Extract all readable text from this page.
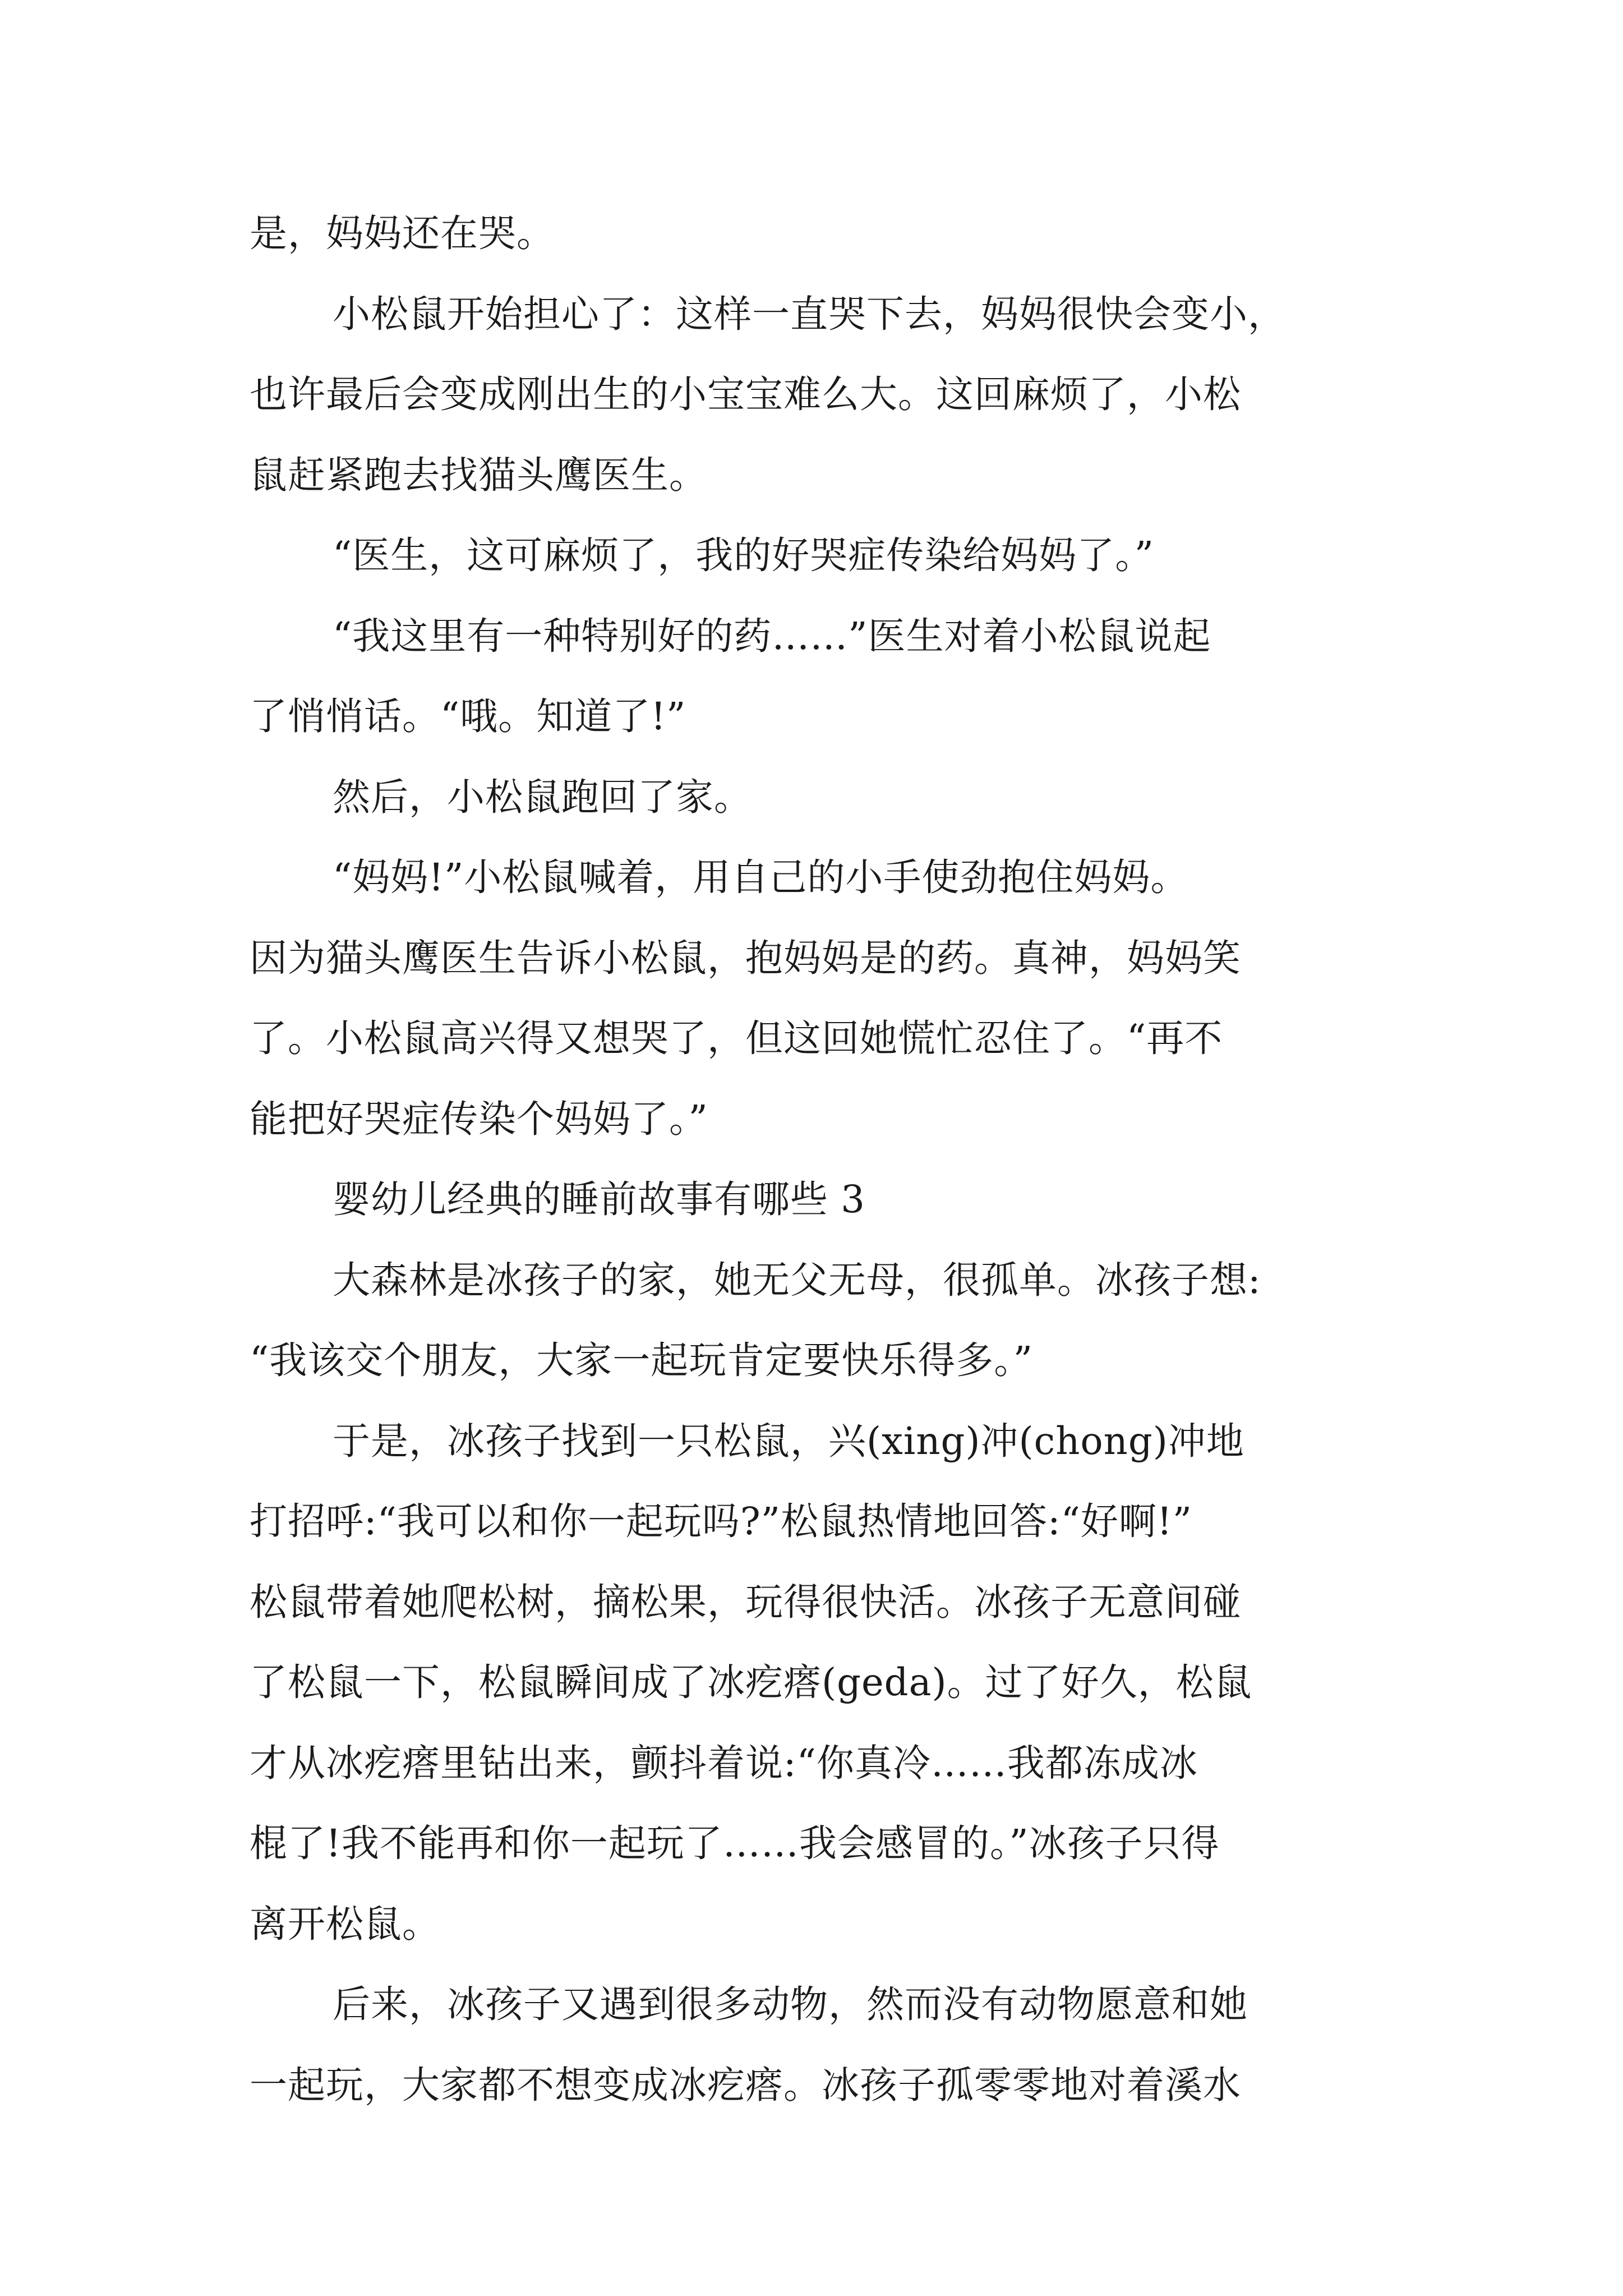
是，妈妈还在哭。
小松鼠开始担心了：这样一直哭下去，妈妈很快会变小，
也许最后会变成刚出生的小宝宝难么大。这回麻烦了，小松
鼠赶紧跑去找猫头鹰医生。
“医生，这可麻烦了，我的好哭症传染给妈妈了。”
“我这里有一种特别好的药……”医生对着小松鼠说起
了悄悄话。“哦。知道了!”
然后，小松鼠跑回了家。
“妈妈!”小松鼠喊着，用自己的小手使劲抱住妈妈。
因为猫头鹰医生告诉小松鼠，抱妈妈是的药。真神，妈妈笑
了。小松鼠高兴得又想哭了，但这回她慌忙忍住了。“再不
能把好哭症传染个妈妈了。”
婴幼儿经典的睡前故事有哪些 3
大森林是冰孩子的家，她无父无母，很孤单。冰孩子想:
“我该交个朋友，大家一起玩肯定要快乐得多。”
于是，冰孩子找到一只松鼠，兴(xing)冲(chong)冲地
打招呼:“我可以和你一起玩吗?”松鼠热情地回答:“好啊!”
松鼠带着她爬松树，摘松果，玩得很快活。冰孩子无意间碰
了松鼠一下，松鼠瞬间成了冰疙瘩(geda)。过了好久，松鼠
才从冰疙瘩里钻出来，颤抖着说:“你真冷……我都冻成冰
棍了!我不能再和你一起玩了……我会感冒的。”冰孩子只得
离开松鼠。
后来，冰孩子又遇到很多动物，然而没有动物愿意和她
一起玩，大家都不想变成冰疙瘩。冰孩子孤零零地对着溪水
